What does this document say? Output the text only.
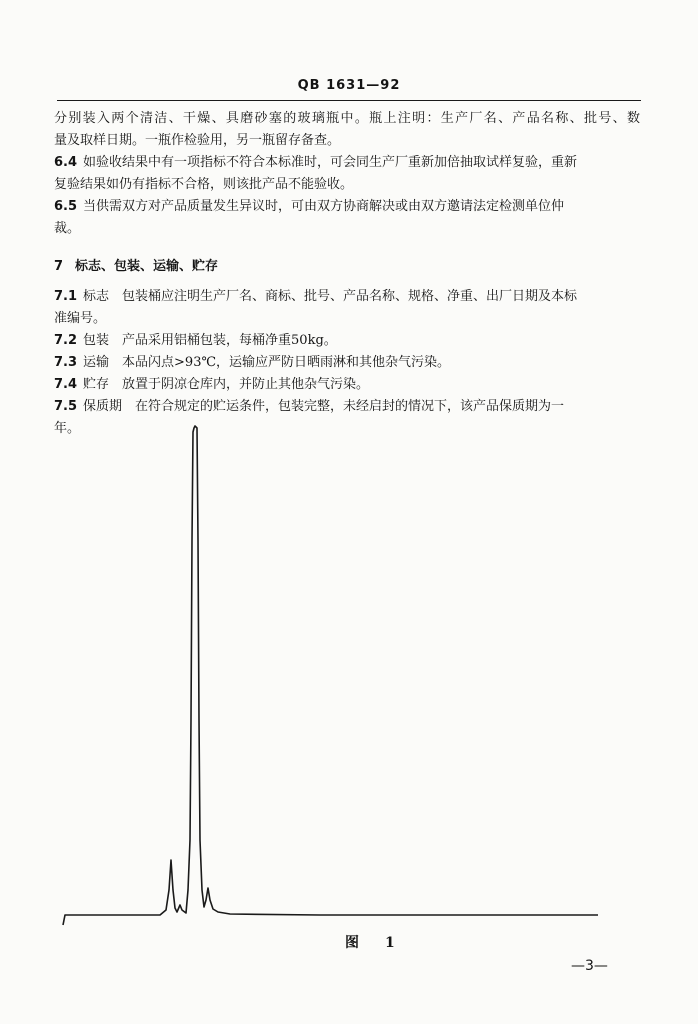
QB 1631—92
分别装入两个清洁、干燥、具磨砂塞的玻璃瓶中。瓶上注明：生产厂名、产品名称、批号、数
量及取样日期。一瓶作检验用，另一瓶留存备查。
6.4 如验收结果中有一项指标不符合本标准时，可会同生产厂重新加倍抽取试样复验，重新
复验结果如仍有指标不合格，则该批产品不能验收。
6.5 当供需双方对产品质量发生异议时，可由双方协商解决或由双方邀请法定检测单位仲
裁。
7 标志、包装、运输、贮存
7.1 标志　包装桶应注明生产厂名、商标、批号、产品名称、规格、净重、出厂日期及本标
准编号。
7.2 包装　产品采用铝桶包装，每桶净重50kg。
7.3 运输　本品闪点>93℃，运输应严防日晒雨淋和其他杂气污染。
7.4 贮存　放置于阴凉仓库内，并防止其他杂气污染。
7.5 保质期　在符合规定的贮运条件，包装完整，未经启封的情况下，该产品保质期为一
年。
图　1
—3—
